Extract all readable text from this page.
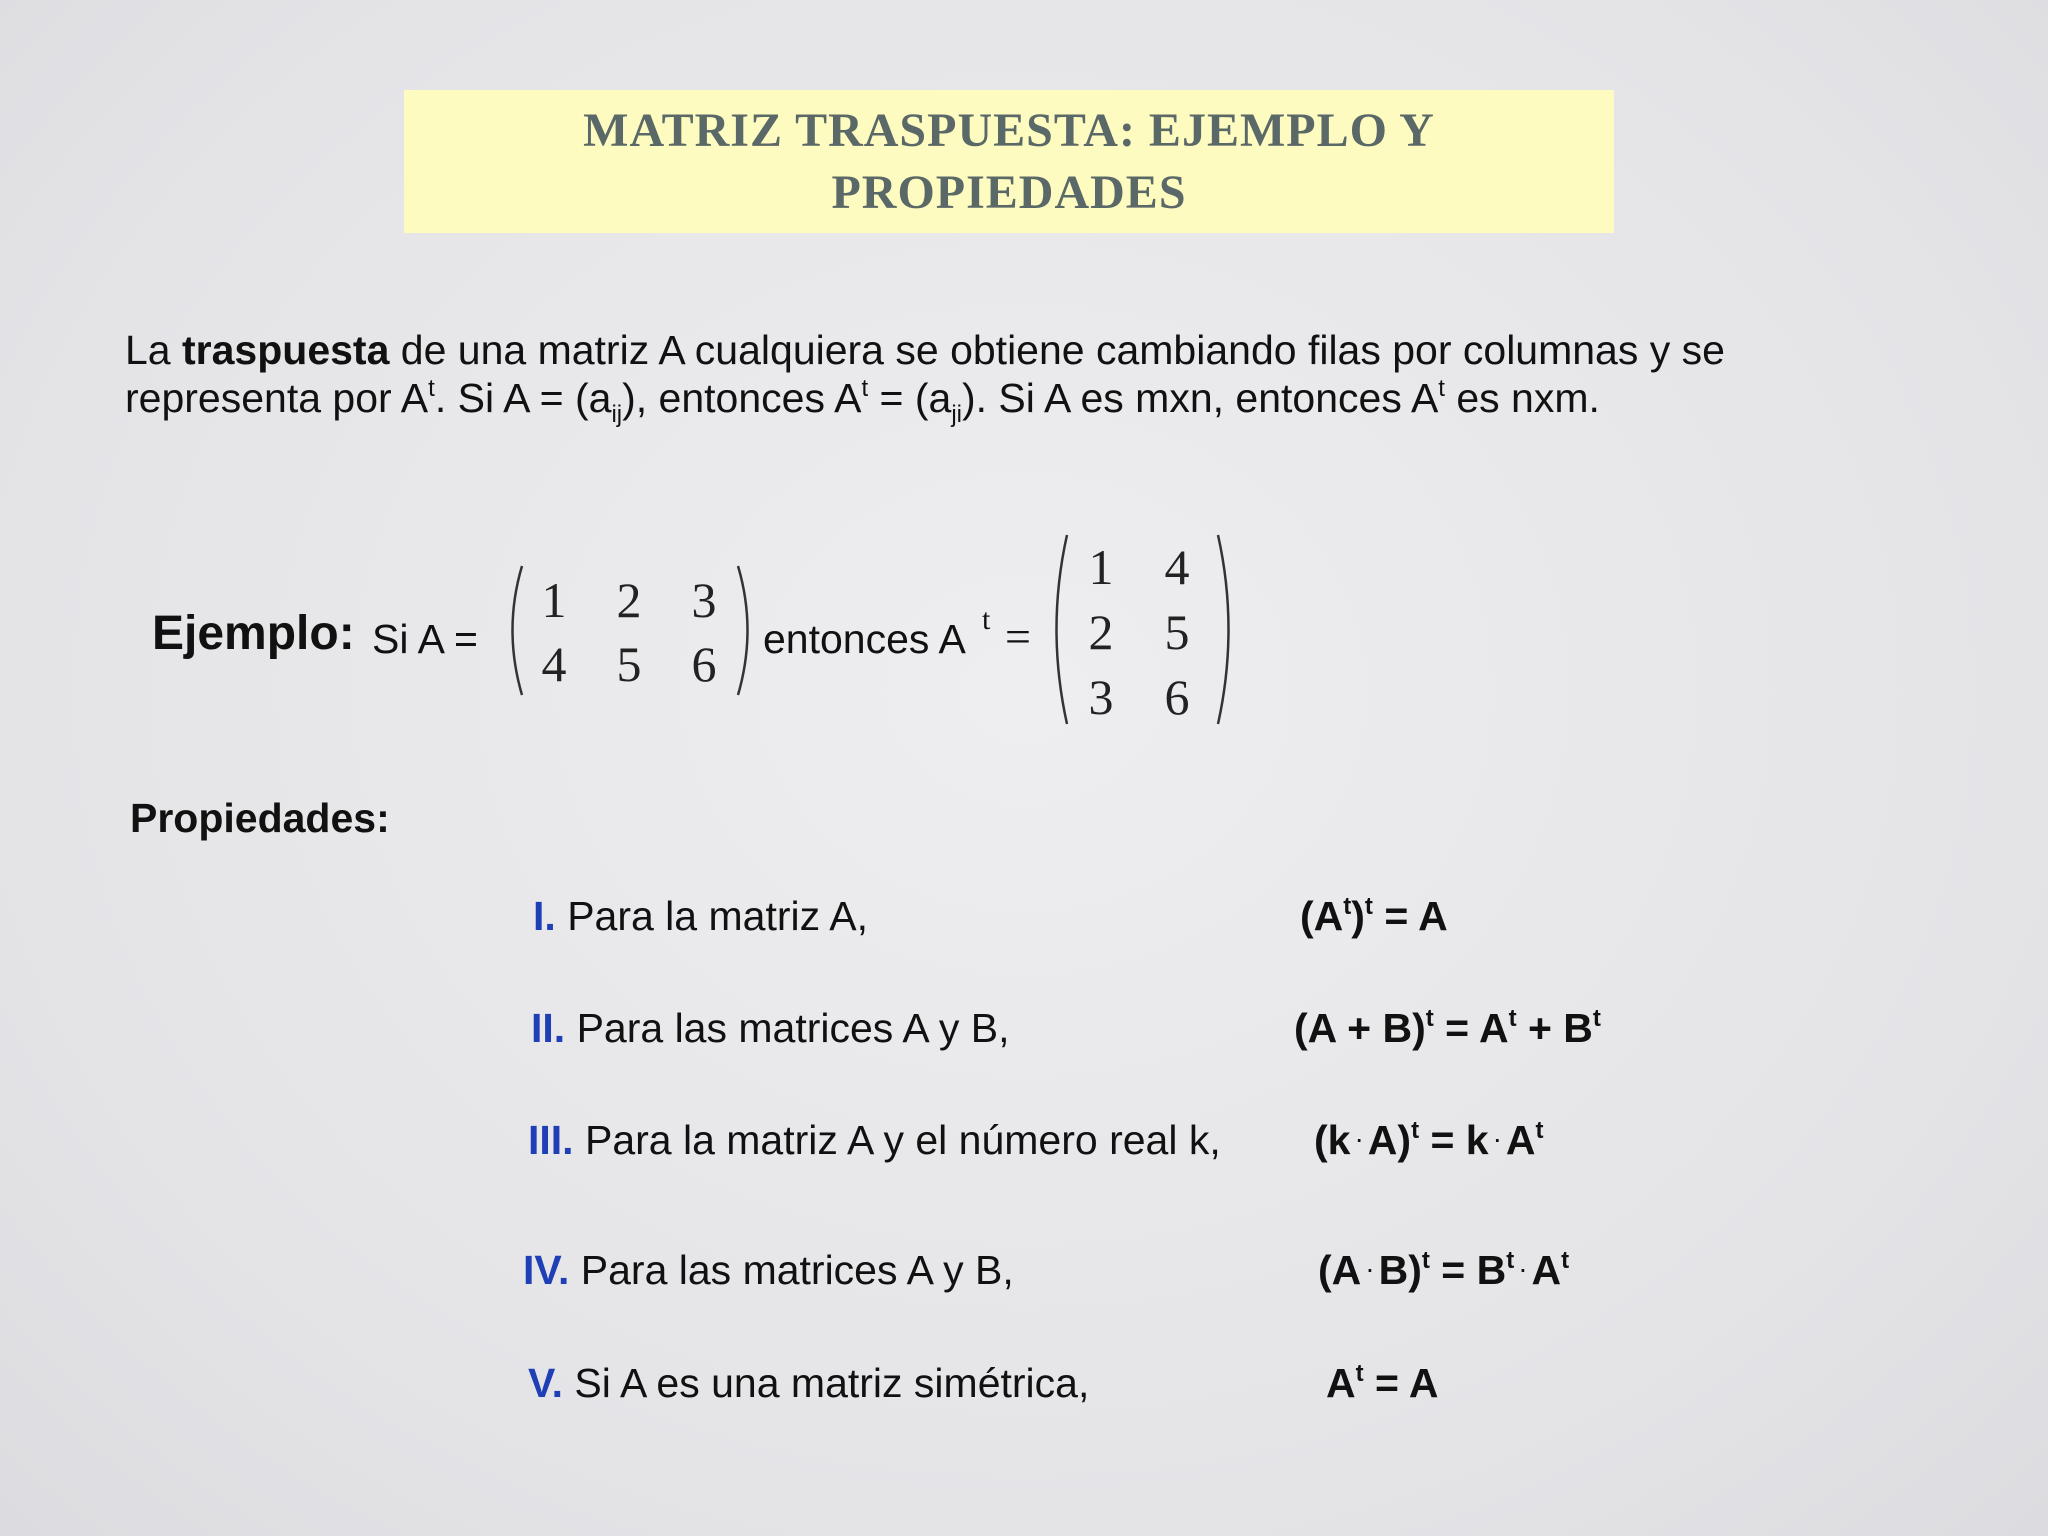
MATRIZ TRASPUESTA: EJEMPLO Y
PROPIEDADES
La traspuesta de una matriz A cualquiera se obtiene cambiando filas por columnas y se
representa por $A^t$. Si $A = (a_{ij})$, entonces $A^t = (a_{ji})$. Si A es mxn, entonces $A^t$ es nxm.
Ejemplo: Si A =
1	2	3
4	5	6	entonces A t =
1	4
2	5
3	6
Propiedades:
I. Para la matriz A,	$(A^t)^t = A$
II. Para las matrices A y B,	$(A + B)^t = A^t + B^t$
III. Para la matriz A y el número real k, $(k \cdot A)^t = k \cdot A^t$
IV. Para las matrices A y B,	$(A \cdot B)^t = B^t \cdot A^t$
V. Si A es una matriz simétrica,	$A^t = A$
